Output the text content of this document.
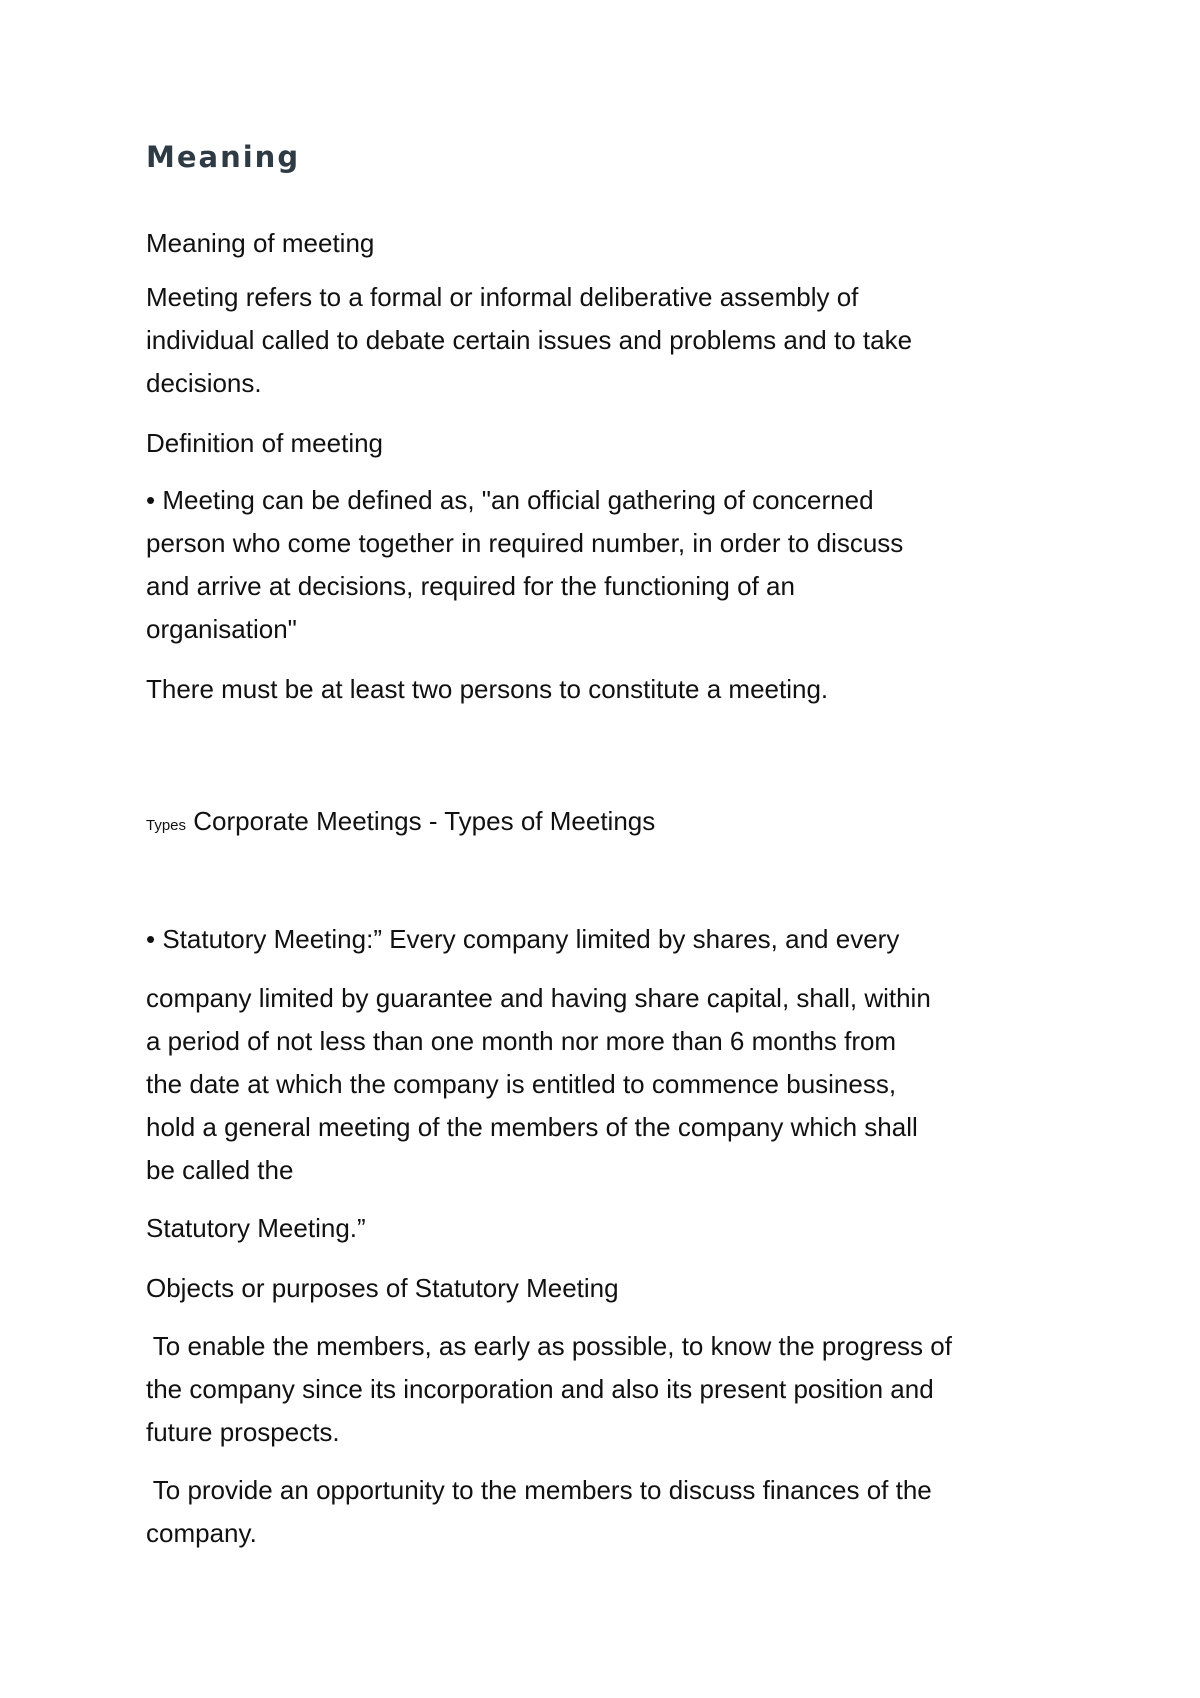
Meaning
Meaning of meeting
Meeting refers to a formal or informal deliberative assembly of
individual called to debate certain issues and problems and to take
decisions.
Definition of meeting
• Meeting can be defined as, "an official gathering of concerned
person who come together in required number, in order to discuss
and arrive at decisions, required for the functioning of an
organisation"
There must be at least two persons to constitute a meeting.
Types Corporate Meetings - Types of Meetings
• Statutory Meeting:” Every company limited by shares, and every
company limited by guarantee and having share capital, shall, within
a period of not less than one month nor more than 6 months from
the date at which the company is entitled to commence business,
hold a general meeting of the members of the company which shall
be called the
Statutory Meeting.”
Objects or purposes of Statutory Meeting
To enable the members, as early as possible, to know the progress of
the company since its incorporation and also its present position and
future prospects.
To provide an opportunity to the members to discuss finances of the
company.
